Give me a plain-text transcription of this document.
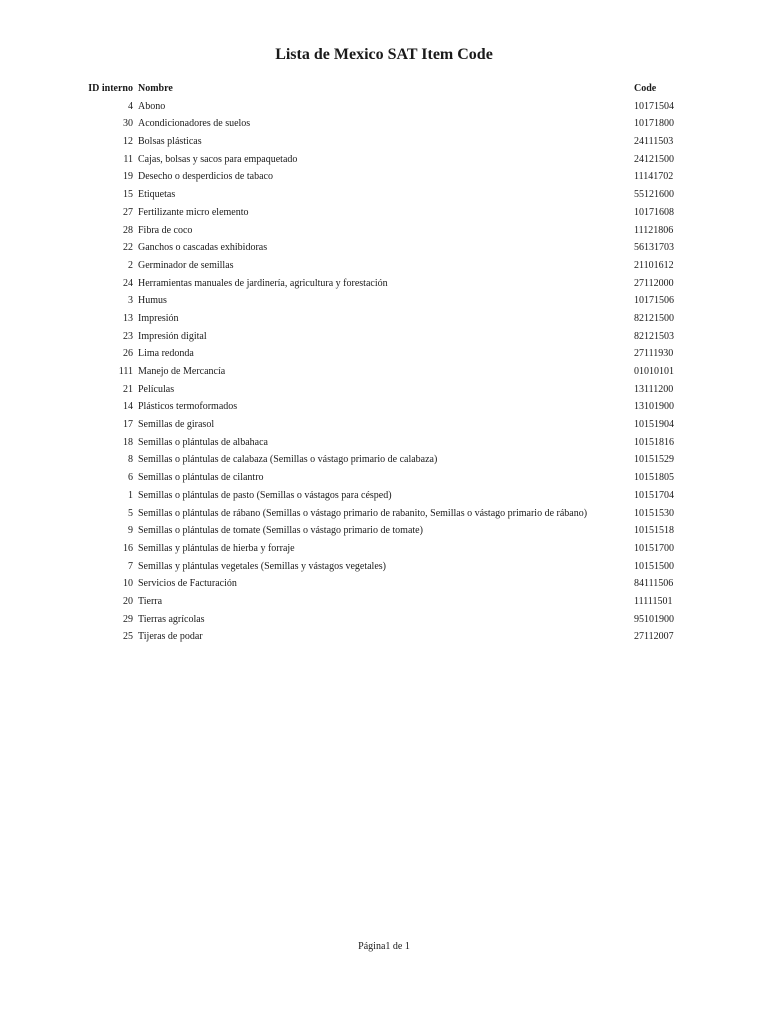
Lista de Mexico SAT Item Code
ID interno Nombre	Code
4 Abono	10171504
30 Acondicionadores de suelos	10171800
12 Bolsas plásticas	24111503
11 Cajas, bolsas y sacos para empaquetado	24121500
19 Desecho o desperdicios de tabaco	11141702
15 Etiquetas	55121600
27 Fertilizante micro elemento	10171608
28 Fibra de coco	11121806
22 Ganchos o cascadas exhibidoras	56131703
2 Germinador de semillas	21101612
24 Herramientas manuales de jardinería, agricultura y forestación	27112000
3 Humus	10171506
13 Impresión	82121500
23 Impresión digital	82121503
26 Lima redonda	27111930
111 Manejo de Mercancía	01010101
21 Películas	13111200
14 Plásticos termoformados	13101900
17 Semillas de girasol	10151904
18 Semillas o plántulas de albahaca	10151816
8 Semillas o plántulas de calabaza (Semillas o vástago primario de calabaza)	10151529
6 Semillas o plántulas de cilantro	10151805
1 Semillas o plántulas de pasto (Semillas o vástagos para césped)	10151704
5 Semillas o plántulas de rábano (Semillas o vástago primario de rabanito, Semillas o vástago primario de rábano)	10151530
9 Semillas o plántulas de tomate (Semillas o vástago primario de tomate)	10151518
16 Semillas y plántulas de hierba y forraje	10151700
7 Semillas y plántulas vegetales (Semillas y vástagos vegetales)	10151500
10 Servicios de Facturación	84111506
20 Tierra	11111501
29 Tierras agrícolas	95101900
25 Tijeras de podar	27112007
Página1 de 1
